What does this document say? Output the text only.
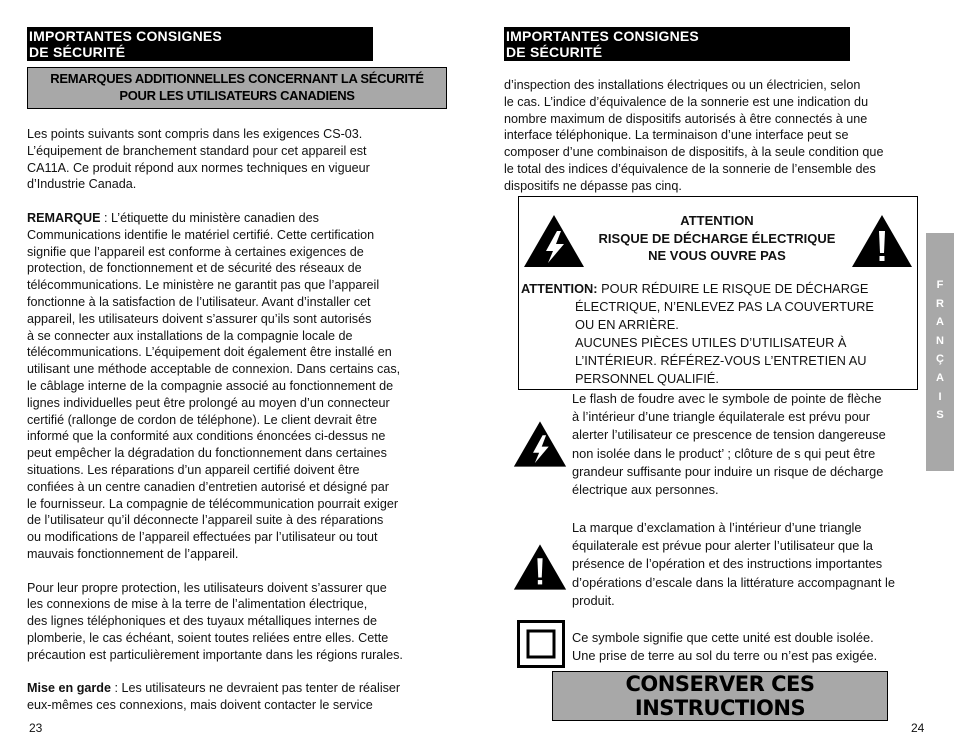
IMPORTANTES CONSIGNES
DE SÉCURITÉ
REMARQUES ADDITIONNELLES CONCERNANT LA SÉCURITÉ
POUR LES UTILISATEURS CANADIENS

Les points suivants sont compris dans les exigences CS-03.

L’équipement de branchement standard pour cet appareil est

CA11A. Ce produit répond aux normes techniques en vigueur

d’Industrie Canada.

REMARQUE : L’étiquette du ministère canadien des

Communications identifie le matériel certifié. Cette certification

signifie que l’appareil est conforme à certaines exigences de

protection, de fonctionnement et de sécurité des réseaux de

télécommunications. Le ministère ne garantit pas que l’appareil

fonctionne à la satisfaction de l’utilisateur. Avant d’installer cet

appareil, les utilisateurs doivent s’assurer qu’ils sont autorisés

à se connecter aux installations de la compagnie locale de

télécommunications. L’équipement doit également être installé en

utilisant une méthode acceptable de connexion. Dans certains cas,

le câblage interne de la compagnie associé au fonctionnement de

lignes individuelles peut être prolongé au moyen d’un connecteur

certifié (rallonge de cordon de téléphone). Le client devrait être

informé que la conformité aux conditions énoncées ci-dessus ne

peut empêcher la dégradation du fonctionnement dans certaines

situations. Les réparations d’un appareil certifié doivent être

confiées à un centre canadien d’entretien autorisé et désigné par

le fournisseur. La compagnie de télécommunication pourrait exiger

de l’utilisateur qu’il déconnecte l’appareil suite à des réparations

ou modifications de l’appareil effectuées par l’utilisateur ou tout

mauvais fonctionnement de l’appareil.

Pour leur propre protection, les utilisateurs doivent s’assurer que

les connexions de mise à la terre de l’alimentation électrique,

des lignes téléphoniques et des tuyaux métalliques internes de

plomberie, le cas échéant, soient toutes reliées entre elles. Cette

précaution est particulièrement importante dans les régions rurales.

Mise en garde : Les utilisateurs ne devraient pas tenter de réaliser

eux-mêmes ces connexions, mais doivent contacter le service

23
IMPORTANTES CONSIGNES
DE SÉCURITÉ

d’inspection des installations électriques ou un électricien, selon

le cas. L’indice d’équivalence de la sonnerie est une indication du

nombre maximum de dispositifs autorisés à être connectés à une

interface téléphonique. La terminaison d’une interface peut se

composer d’une combinaison de dispositifs, à la seule condition que

le total des indices d’équivalence de la sonnerie de l’ensemble des

dispositifs ne dépasse pas cinq.

ATTENTION
RISQUE DE DÉCHARGE ÉLECTRIQUE
NE VOUS OUVRE PAS
ATTENTION: POUR RÉDUIRE LE RISQUE DE DÉCHARGE
ÉLECTRIQUE, N’ENLEVEZ PAS LA COUVERTURE
OU EN ARRIÈRE.
AUCUNES PIÈCES UTILES D’UTILISATEUR À
L’INTÉRIEUR. RÉFÉREZ-VOUS L’ENTRETIEN AU
PERSONNEL QUALIFIÉ.

Le flash de foudre avec le symbole de pointe de flèche

à l’intérieur d’une triangle équilaterale est prévu pour

alerter l’utilisateur ce prescence de tension dangereuse

non isolée dans le product’ ; clôture de s qui peut être

grandeur suffisante pour induire un risque de décharge

électrique aux personnes.

La marque d’exclamation à l’intérieur d’une triangle

équilaterale est prévue pour alerter l’utilisateur que la

présence de l’opération et des instructions importantes

d’opérations d’escale dans la littérature accompagnant le

produit.

Ce symbole signifie que cette unité est double isolée.

Une prise de terre au sol du terre ou n’est pas exigée.

CONSERVER CES
INSTRUCTIONS
24
F
R
A
N
Ç
A
I
S
